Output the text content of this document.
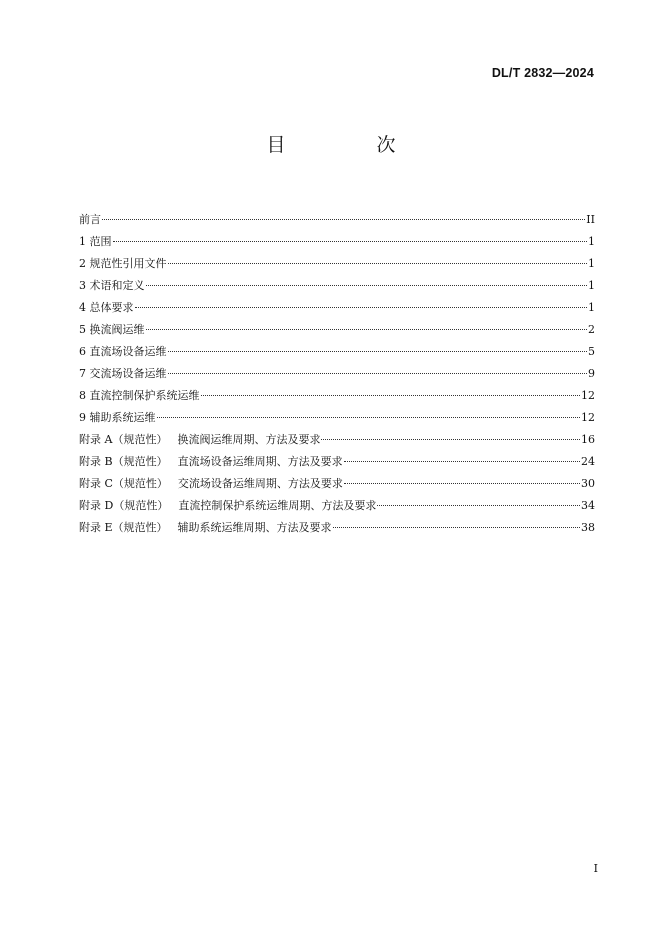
DL/T 2832—2024
目　次
前言	II
1 范围	1
2 规范性引用文件	1
3 术语和定义	1
4 总体要求	1
5 换流阀运维	2
6 直流场设备运维	5
7 交流场设备运维	9
8 直流控制保护系统运维	12
9 辅助系统运维	12
附录 A（规范性） 换流阀运维周期、方法及要求	16
附录 B（规范性） 直流场设备运维周期、方法及要求	24
附录 C（规范性） 交流场设备运维周期、方法及要求	30
附录 D（规范性） 直流控制保护系统运维周期、方法及要求	34
附录 E（规范性） 辅助系统运维周期、方法及要求	38
I
